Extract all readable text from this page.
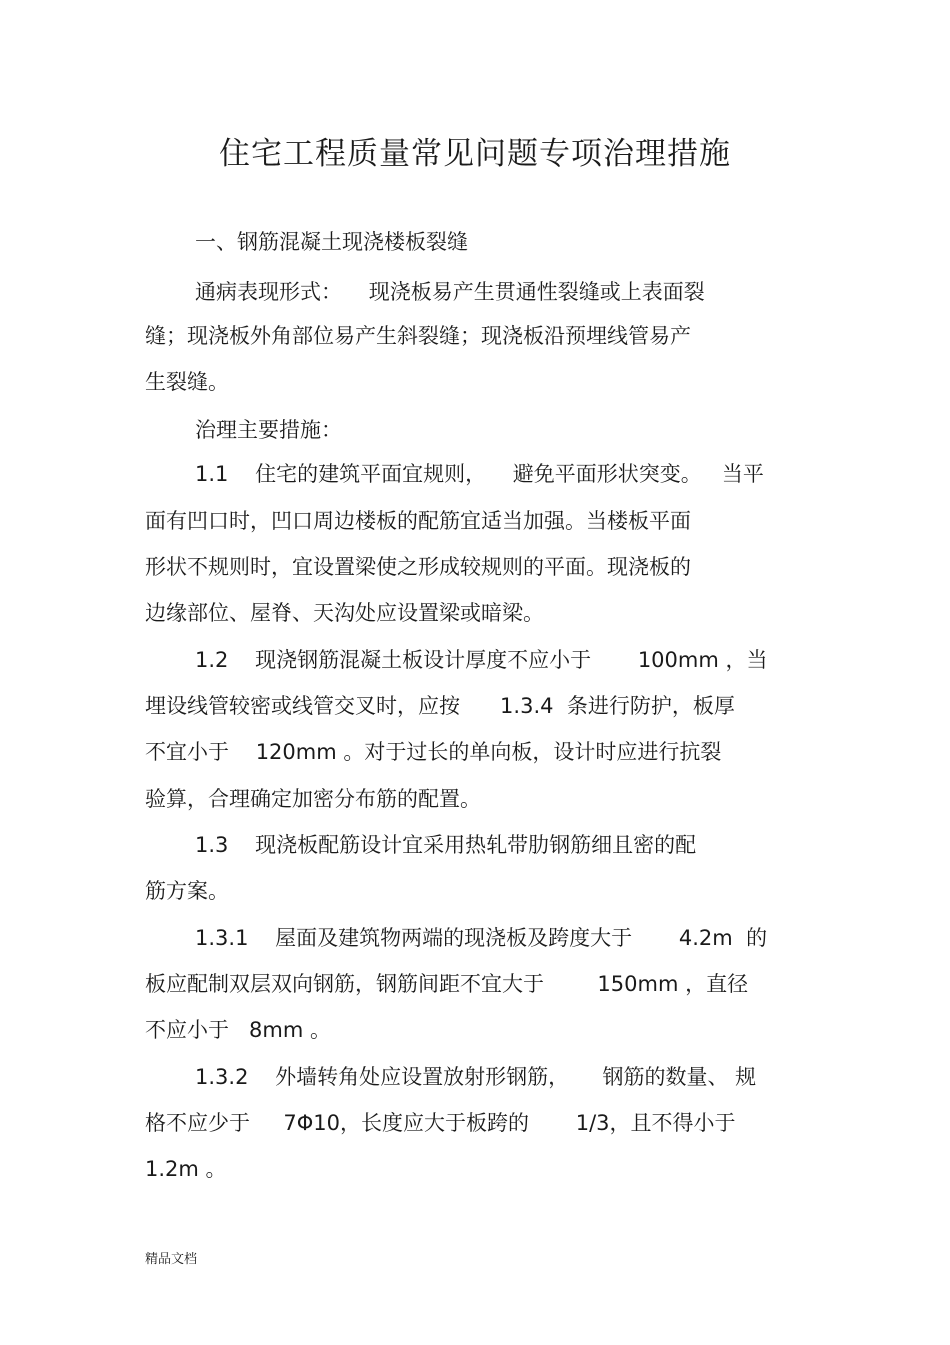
住宅工程质量常见问题专项治理措施
一、钢筋混凝土现浇楼板裂缝
通病表现形式：    现浇板易产生贯通性裂缝或上表面裂
缝；现浇板外角部位易产生斜裂缝；现浇板沿预埋线管易产
生裂缝。
治理主要措施：
1.1    住宅的建筑平面宜规则，    避免平面形状突变。   当平
面有凹口时，凹口周边楼板的配筋宜适当加强。当楼板平面
形状不规则时，宜设置梁使之形成较规则的平面。现浇板的
边缘部位、屋脊、天沟处应设置梁或暗梁。
1.2    现浇钢筋混凝土板设计厚度不应小于       100mm ，当
埋设线管较密或线管交叉时，应按      1.3.4  条进行防护，板厚
不宜小于    120mm 。对于过长的单向板，设计时应进行抗裂
验算，合理确定加密分布筋的配置。
1.3    现浇板配筋设计宜采用热轧带肋钢筋细且密的配
筋方案。
1.3.1    屋面及建筑物两端的现浇板及跨度大于       4.2m  的
板应配制双层双向钢筋，钢筋间距不宜大于        150mm ，直径
不应小于   8mm 。
1.3.2    外墙转角处应设置放射形钢筋，     钢筋的数量、 规
格不应少于     7Φ10，长度应大于板跨的       1/3，且不得小于
1.2m 。
精品文档
